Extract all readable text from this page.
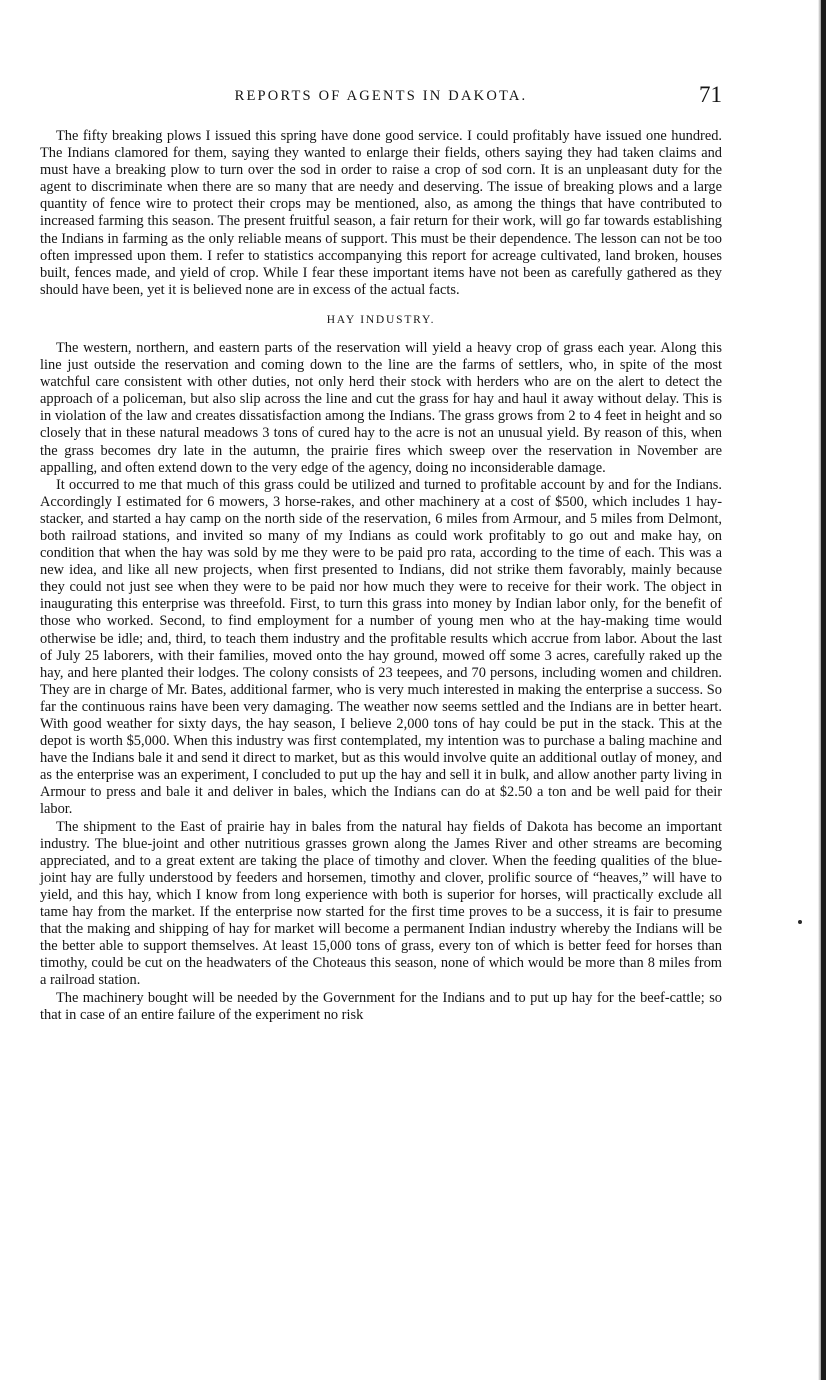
REPORTS OF AGENTS IN DAKOTA.	71

The fifty breaking plows I issued this spring have done good service. I could profitably have issued one hundred. The Indians clamored for them, saying they wanted to enlarge their fields, others saying they had taken claims and must have a breaking plow to turn over the sod in order to raise a crop of sod corn. It is an unpleasant duty for the agent to discriminate when there are so many that are needy and deserving. The issue of breaking plows and a large quantity of fence wire to protect their crops may be mentioned, also, as among the things that have contributed to increased farming this season. The present fruitful season, a fair return for their work, will go far towards establishing the Indians in farming as the only reliable means of support. This must be their dependence. The lesson can not be too often impressed upon them. I refer to statistics accompanying this report for acreage cultivated, land broken, houses built, fences made, and yield of crop. While I fear these important items have not been as carefully gathered as they should have been, yet it is believed none are in excess of the actual facts.

HAY INDUSTRY.

The western, northern, and eastern parts of the reservation will yield a heavy crop of grass each year. Along this line just outside the reservation and coming down to the line are the farms of settlers, who, in spite of the most watchful care consistent with other duties, not only herd their stock with herders who are on the alert to detect the approach of a policeman, but also slip across the line and cut the grass for hay and haul it away without delay. This is in violation of the law and creates dissatisfaction among the Indians. The grass grows from 2 to 4 feet in height and so closely that in these natural meadows 3 tons of cured hay to the acre is not an unusual yield. By reason of this, when the grass becomes dry late in the autumn, the prairie fires which sweep over the reservation in November are appalling, and often extend down to the very edge of the agency, doing no inconsiderable damage.

It occurred to me that much of this grass could be utilized and turned to profitable account by and for the Indians. Accordingly I estimated for 6 mowers, 3 horse-rakes, and other machinery at a cost of $500, which includes 1 hay-stacker, and started a hay camp on the north side of the reservation, 6 miles from Armour, and 5 miles from Delmont, both railroad stations, and invited so many of my Indians as could work profitably to go out and make hay, on condition that when the hay was sold by me they were to be paid pro rata, according to the time of each. This was a new idea, and like all new projects, when first presented to Indians, did not strike them favorably, mainly because they could not just see when they were to be paid nor how much they were to receive for their work. The object in inaugurating this enterprise was threefold. First, to turn this grass into money by Indian labor only, for the benefit of those who worked. Second, to find employment for a number of young men who at the hay-making time would otherwise be idle; and, third, to teach them industry and the profitable results which accrue from labor. About the last of July 25 laborers, with their families, moved onto the hay ground, mowed off some 3 acres, carefully raked up the hay, and here planted their lodges. The colony consists of 23 teepees, and 70 persons, including women and children. They are in charge of Mr. Bates, additional farmer, who is very much interested in making the enterprise a success. So far the continuous rains have been very damaging. The weather now seems settled and the Indians are in better heart. With good weather for sixty days, the hay season, I believe 2,000 tons of hay could be put in the stack. This at the depot is worth $5,000. When this industry was first contemplated, my intention was to purchase a baling machine and have the Indians bale it and send it direct to market, but as this would involve quite an additional outlay of money, and as the enterprise was an experiment, I concluded to put up the hay and sell it in bulk, and allow another party living in Armour to press and bale it and deliver in bales, which the Indians can do at $2.50 a ton and be well paid for their labor.

The shipment to the East of prairie hay in bales from the natural hay fields of Dakota has become an important industry. The blue-joint and other nutritious grasses grown along the James River and other streams are becoming appreciated, and to a great extent are taking the place of timothy and clover. When the feeding qualities of the blue-joint hay are fully understood by feeders and horsemen, timothy and clover, prolific source of “heaves,” will have to yield, and this hay, which I know from long experience with both is superior for horses, will practically exclude all tame hay from the market. If the enterprise now started for the first time proves to be a success, it is fair to presume that the making and shipping of hay for market will become a permanent Indian industry whereby the Indians will be the better able to support themselves. At least 15,000 tons of grass, every ton of which is better feed for horses than timothy, could be cut on the headwaters of the Choteaus this season, none of which would be more than 8 miles from a railroad station.

The machinery bought will be needed by the Government for the Indians and to put up hay for the beef-cattle; so that in case of an entire failure of the experiment no risk
